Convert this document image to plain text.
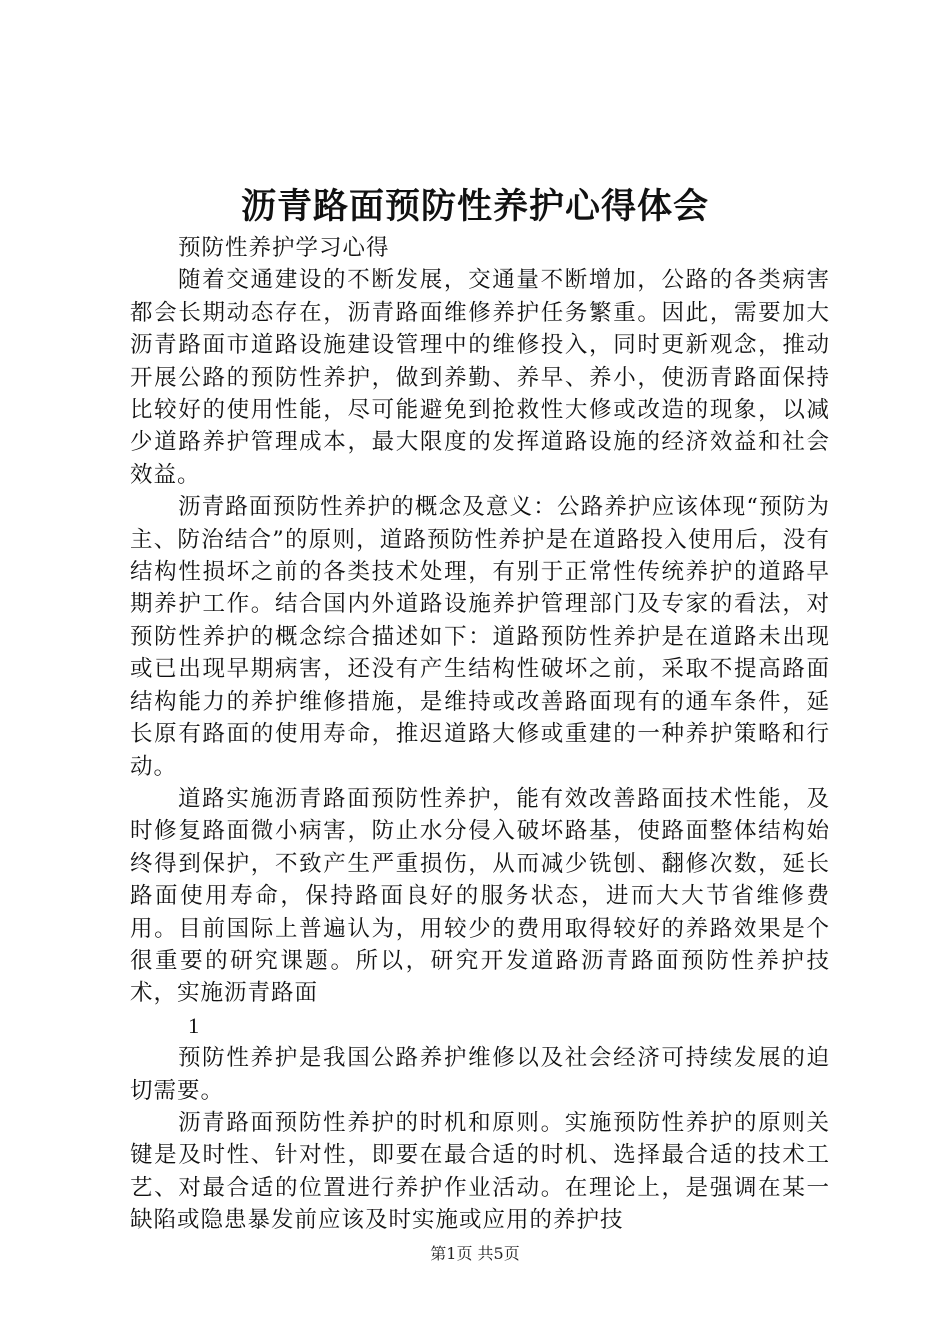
沥青路面预防性养护心得体会

预防性养护学习心得

随着交通建设的不断发展，交通量不断增加，公路的各类病害都会长期动态存在，沥青路面维修养护任务繁重。因此，需要加大沥青路面市道路设施建设管理中的维修投入，同时更新观念，推动开展公路的预防性养护，做到养勤、养早、养小，使沥青路面保持比较好的使用性能，尽可能避免到抢救性大修或改造的现象，以减少道路养护管理成本，最大限度的发挥道路设施的经济效益和社会效益。

沥青路面预防性养护的概念及意义：公路养护应该体现“预防为主、防治结合”的原则，道路预防性养护是在道路投入使用后，没有结构性损坏之前的各类技术处理，有别于正常性传统养护的道路早期养护工作。结合国内外道路设施养护管理部门及专家的看法，对预防性养护的概念综合描述如下：道路预防性养护是在道路未出现或已出现早期病害，还没有产生结构性破坏之前，采取不提高路面结构能力的养护维修措施，是维持或改善路面现有的通车条件，延长原有路面的使用寿命，推迟道路大修或重建的一种养护策略和行动。

道路实施沥青路面预防性养护，能有效改善路面技术性能，及时修复路面微小病害，防止水分侵入破坏路基，使路面整体结构始终得到保护，不致产生严重损伤，从而减少铣刨、翻修次数，延长路面使用寿命，保持路面良好的服务状态，进而大大节省维修费用。目前国际上普遍认为，用较少的费用取得较好的养路效果是个很重要的研究课题。所以，研究开发道路沥青路面预防性养护技术，实施沥青路面

1

预防性养护是我国公路养护维修以及社会经济可持续发展的迫切需要。

沥青路面预防性养护的时机和原则。实施预防性养护的原则关键是及时性、针对性，即要在最合适的时机、选择最合适的技术工艺、对最合适的位置进行养护作业活动。在理论上，是强调在某一缺陷或隐患暴发前应该及时实施或应用的养护技

第1页 共5页
